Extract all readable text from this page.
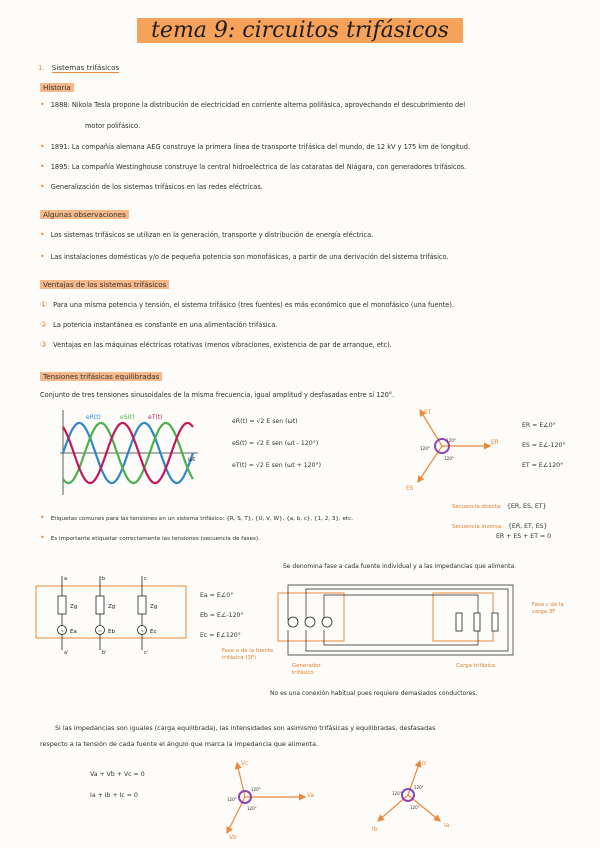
tema 9: circuitos trifásicos
1. Sistemas trifásicos
Historia
• 1888: Nikola Tesla propone la distribución de electricidad en corriente alterna polifásica, aprovechando el descubrimiento del
motor polifásico.
• 1891: La compañía alemana AEG construye la primera línea de transporte trifásica del mundo, de 12 kV y 175 km de longitud.
• 1895: La compañía Westinghouse construye la central hidroeléctrica de las cataratas del Niágara, con generadores trifásicos.
• Generalización de los sistemas trifásicos en las redes eléctricas.
Algunas observaciones
• Los sistemas trifásicos se utilizan en la generación, transporte y distribución de energía eléctrica.
• Las instalaciones domésticas y/o de pequeña potencia son monofásicas, a partir de una derivación del sistema trifásico.
Ventajas de los sistemas trifásicos
① Para una misma potencia y tensión, el sistema trifásico (tres fuentes) es más económico que el monofásico (una fuente).
② La potencia instantánea es constante en una alimentación trifásica.
③ Ventajas en las máquinas eléctricas rotativas (menos vibraciones, existencia de par de arranque, etc).
Tensiones trifásicas equilibradas
Conjunto de tres tensiones sinusoidales de la misma frecuencia, igual amplitud y desfasadas entre sí 120°.
eR(t)	eS(t) eT(t)
ωt
eR(t) = √2 E sen (ωt)
eS(t) = √2 E sen (ωt - 120°)
eT(t) = √2 E sen (ωt + 120°)
ET
ER
ES
120°
120°
120°
ER = E∠0°
ES = E∠-120°
ET = E∠120°
Secuencia directa: {ER, ES, ET}
Secuencia inversa: {ER, ET, ES}
• Etiquetas comunes para las tensiones en un sistema trifásico: {R, S, T}, {U, V, W}, {a, b, c}, {1, 2, 3}, etc.
• Es importante etiquetar correctamente las tensiones (secuencia de fases).	ER + ES + ET = 0
~
a
a'
Zg
Ea	~
b
b'
Zg
Eb	~
c
c'
Zg
Ec
Ea = E∠0°
Eb = E∠-120°
Ec = E∠120°
Se denomina fase a cada fuente individual y a las impedancias que alimenta.
Fase o de la fuente trifásica (3F)
Generador trifásico
Carga trifásica
Fase c de la carga 3F
No es una conexión habitual pues requiere demasiados conductores.
Si las impedancias son iguales (carga equilibrada), las intensidades son asimismo trifásicas y equilibradas, desfasadas
respecto a la tensión de cada fuente el ángulo que marca la impedancia que alimenta.
Va + Vb + Vc = 0
Ia + Ib + Ic = 0
Vc
Va
Vb
120°
120°
120°
Ic
Ia
Ib
120°
120°
120°
